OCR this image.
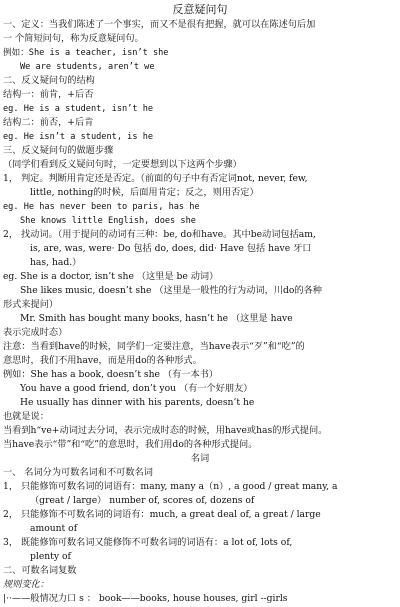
反意疑问句
一、定义：当我们陈述了一个事实，而又不是很有把握，就可以在陈述句后加
一 个简短问句，称为反意疑问句。
例如：She is a teacher, isn’t she
We are students, aren’t we
二、反义疑问句的结构
结构一：前肯，+后否
eg. He is a student, isn’t he
结构二：前否，+后肯
eg. He isn’t a student, is he
三、反义疑问句的做题步骤
（同学们看到反义疑问句时，一定要想到以下这两个步骤）
1， 判定。判断用肯定还是否定。（前面的句子中有否定词not, never, few,
little, nothing的时候，后面用肯定；反之，则用否定）
eg. He has never been to paris, has he
She knows little English, does she
2， 找动词。（用于提问的动词有三种：be, do和have。其中be动词包括am,
is, are, was, were· Do 包括 do, does, did· Have 包括 have 牙口
has, had.）
eg. She is a doctor, isn’t she （这里是 be 动词）
She likes music, doesn’t she （这里是一般性的行为动词，川do的各种
形式来提问）
Mr. Smith has bought many books, hasn’t he （这里是 have
表示完成时态）
注意：当看到have的时候，同学们一定要注意，当have表示“歹”和“吃”的
意思时，我们不用have，而是用do的各种形式。
例如：She has a book, doesn’t she （有一本书）
You have a good friend, don’t you （有一个好朋友）
He usually has dinner with his parents, doesn’t he
也就是说：
当看到h“ve+动词过去分词，表示完成时态的时候，用have或has的形式提问。
当have表示“带”和“吃”的意思时，我们用do的各种形式提问。
名词
一、 名词分为可数名词和不可数名词
1， 只能修饰可数名词的词语有：many, many a（n）, a good / great many, a
（great / large） number of, scores of, dozens of
2， 只能修饰不可数名词的词语有：much, a great deal of, a great / large
amount of
3， 既能修饰可数名词又能修饰不可数名词的词语有：a lot of, lots of,
plenty of
二、可数名词复数
规则变化：
|··——般情况力口 s ： book——books, house houses, girl --girls
